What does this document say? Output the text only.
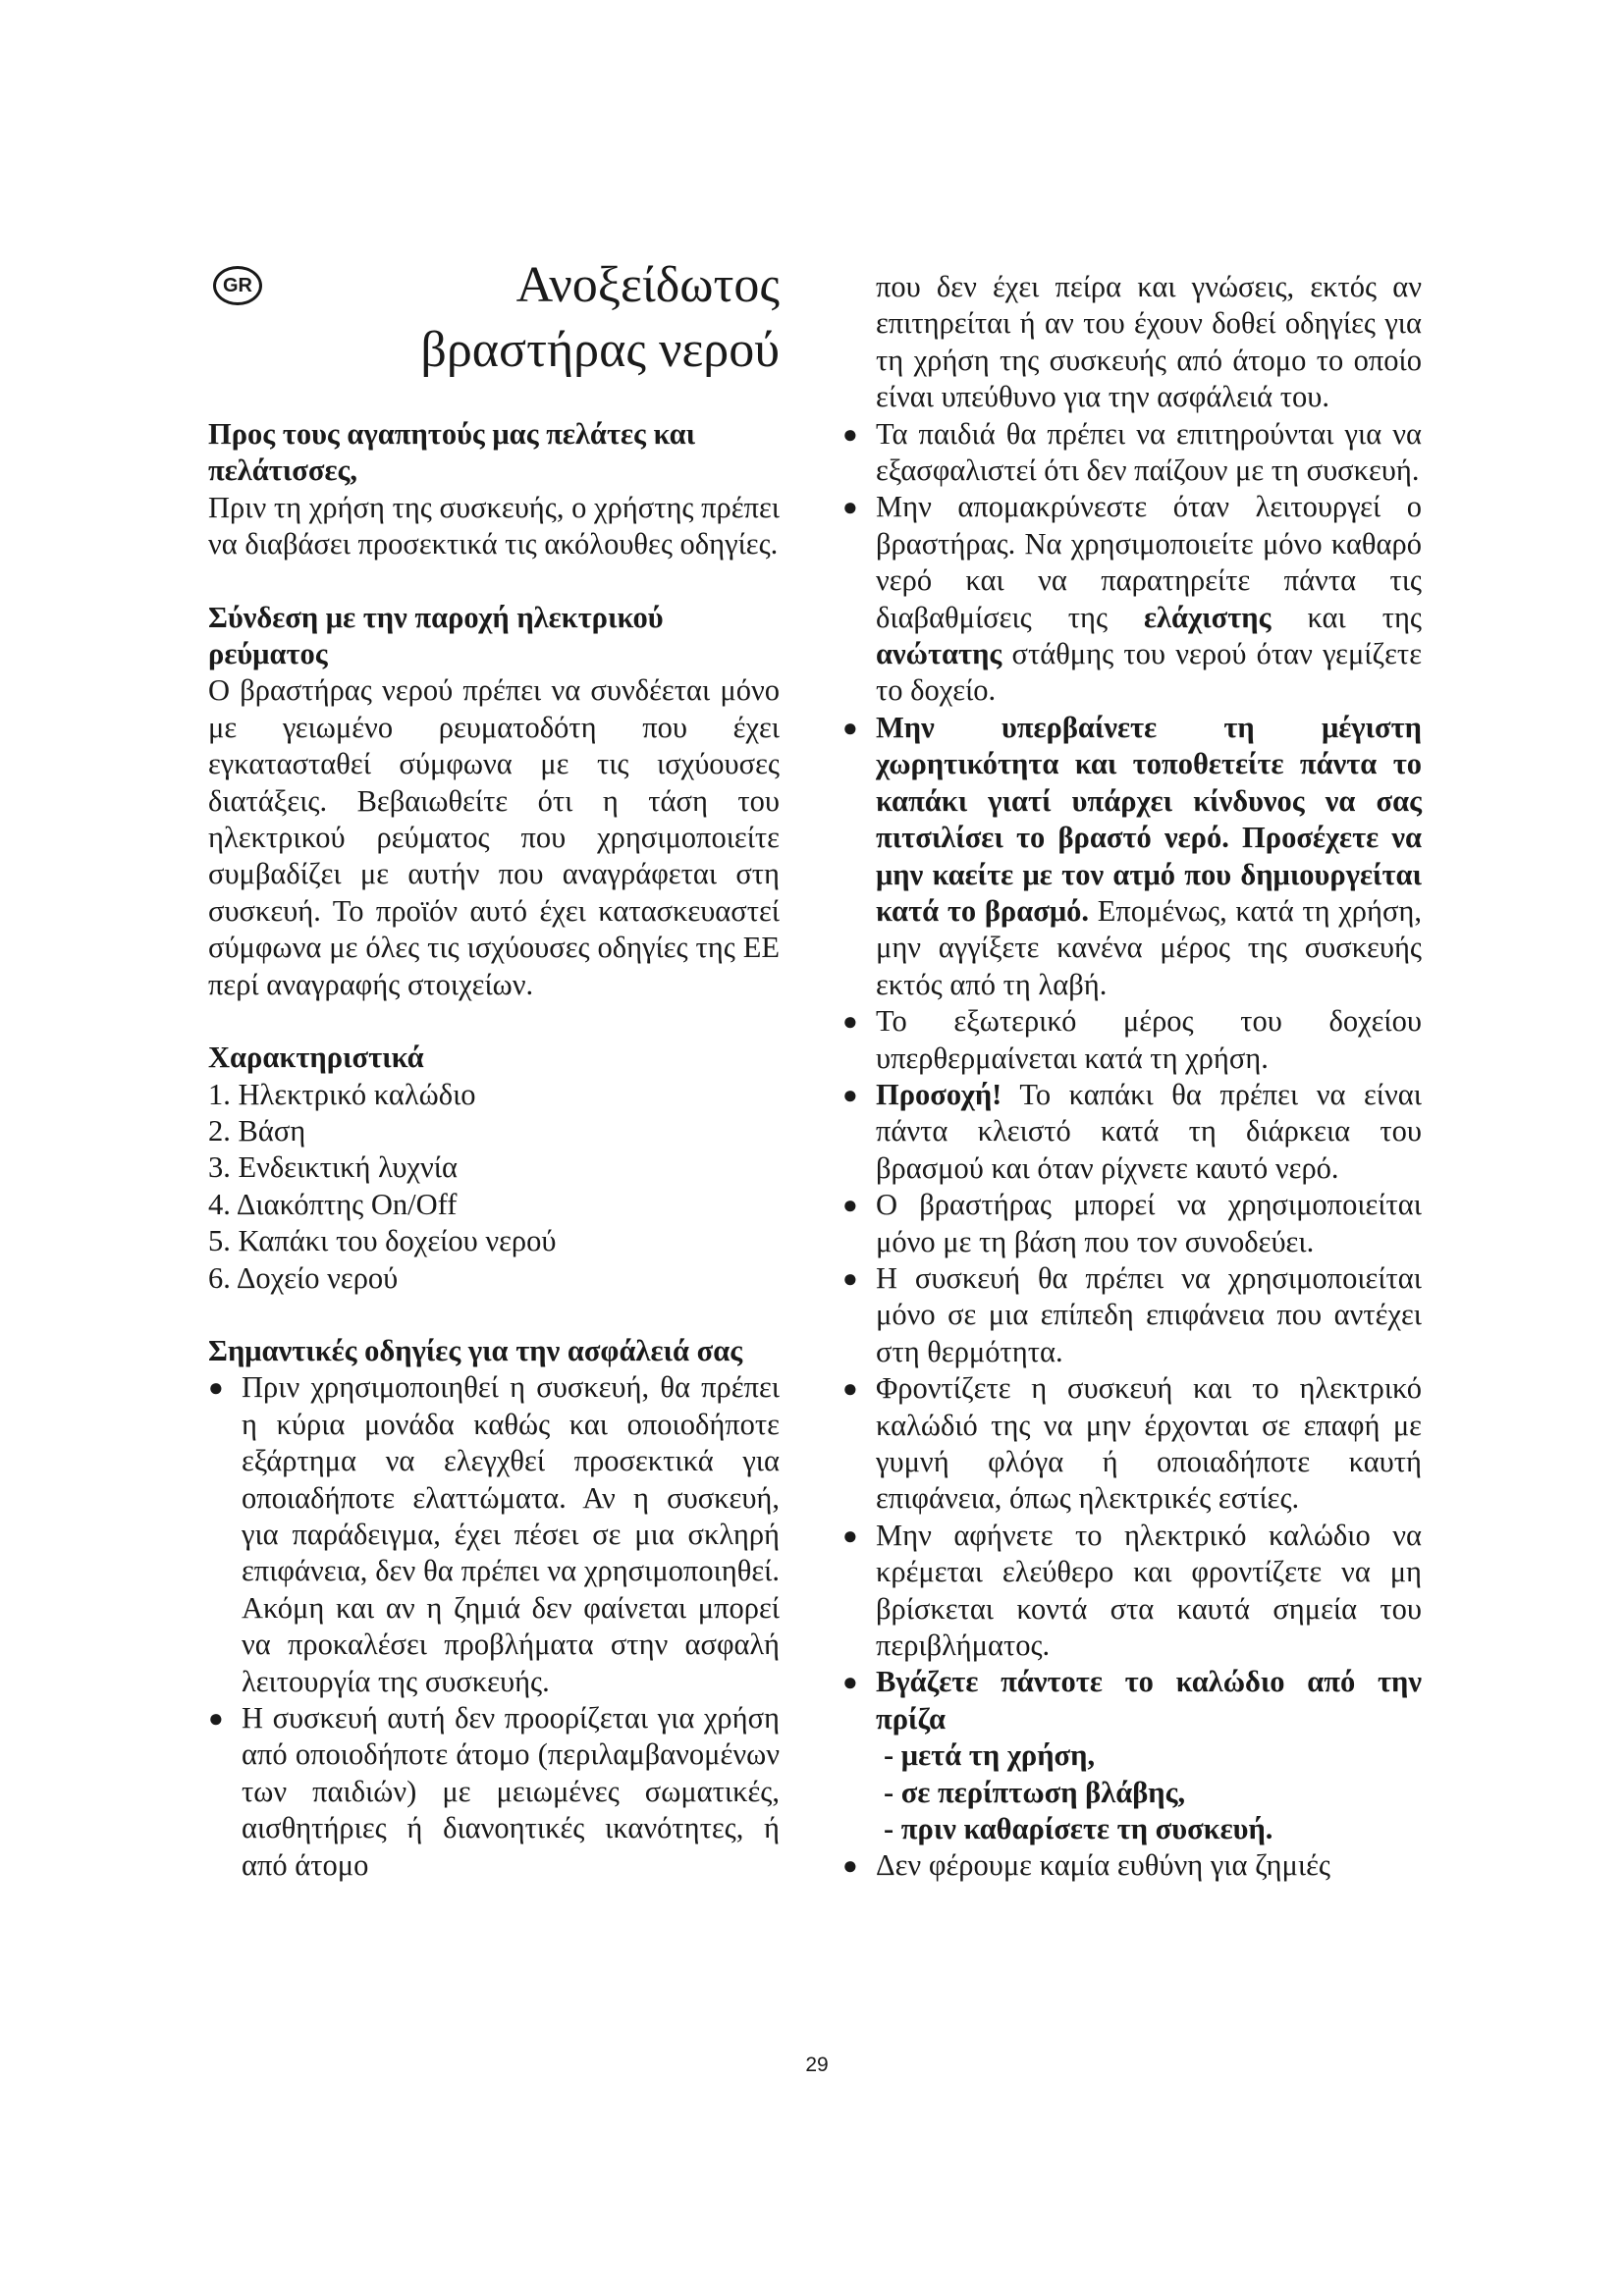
GR	Ανοξείδωτος
βραστήρας νερού

Προς τους αγαπητούς μας πελάτες και πελάτισσες,

Πριν τη χρήση της συσκευής, ο χρήστης πρέπει να διαβάσει προσεκτικά τις ακόλουθες οδηγίες.

Σύνδεση με την παροχή ηλεκτρικού ρεύματος

Ο βραστήρας νερού πρέπει να συνδέεται μόνο με γειωμένο ρευματοδότη που έχει εγκατασταθεί σύμφωνα με τις ισχύουσες διατάξεις. Βεβαιωθείτε ότι η τάση του ηλεκτρικού ρεύματος που χρησιμοποιείτε συμβαδίζει με αυτήν που αναγράφεται στη συσκευή. Το προϊόν αυτό έχει κατασκευαστεί σύμφωνα με όλες τις ισχύουσες οδηγίες της ΕΕ περί αναγραφής στοιχείων.

Χαρακτηριστικά

1. Ηλεκτρικό καλώδιο
2. Βάση
3. Ενδεικτική λυχνία
4. Διακόπτης On/Off
5. Καπάκι του δοχείου νερού
6. Δοχείο νερού

Σημαντικές οδηγίες για την ασφάλειά σας

● Πριν χρησιμοποιηθεί η συσκευή, θα πρέπει η κύρια μονάδα καθώς και οποιοδήποτε εξάρτημα να ελεγχθεί προσεκτικά για οποιαδήποτε ελαττώματα. Αν η συσκευή, για παράδειγμα, έχει πέσει σε μια σκληρή επιφάνεια, δεν θα πρέπει να χρησιμοποιηθεί. Ακόμη και αν η ζημιά δεν φαίνεται μπορεί να προκαλέσει προβλήματα στην ασφαλή λειτουργία της συσκευής.
● Η συσκευή αυτή δεν προορίζεται για χρήση από οποιοδήποτε άτομο (περιλαμβανομένων των παιδιών) με μειωμένες σωματικές, αισθητήριες ή διανοητικές ικανότητες, ή από άτομο
που δεν έχει πείρα και γνώσεις, εκτός αν επιτηρείται ή αν του έχουν δοθεί οδηγίες για τη χρήση της συσκευής από άτομο το οποίο είναι υπεύθυνο για την ασφάλειά του.
● Τα παιδιά θα πρέπει να επιτηρούνται για να εξασφαλιστεί ότι δεν παίζουν με τη συσκευή.
● Μην απομακρύνεστε όταν λειτουργεί ο βραστήρας. Να χρησιμοποιείτε μόνο καθαρό νερό και να παρατηρείτε πάντα τις διαβαθμίσεις της ελάχιστης και της ανώτατης στάθμης του νερού όταν γεμίζετε το δοχείο.
● Μην υπερβαίνετε τη μέγιστη χωρητικότητα και τοποθετείτε πάντα το καπάκι γιατί υπάρχει κίνδυνος να σας πιτσιλίσει το βραστό νερό. Προσέχετε να μην καείτε με τον ατμό που δημιουργείται κατά το βρασμό. Επομένως, κατά τη χρήση, μην αγγίξετε κανένα μέρος της συσκευής εκτός από τη λαβή.
● Το εξωτερικό μέρος του δοχείου υπερθερμαίνεται κατά τη χρήση.
● Προσοχή! Το καπάκι θα πρέπει να είναι πάντα κλειστό κατά τη διάρκεια του βρασμού και όταν ρίχνετε καυτό νερό.
● Ο βραστήρας μπορεί να χρησιμοποιείται μόνο με τη βάση που τον συνοδεύει.
● Η συσκευή θα πρέπει να χρησιμοποιείται μόνο σε μια επίπεδη επιφάνεια που αντέχει στη θερμότητα.
● Φροντίζετε η συσκευή και το ηλεκτρικό καλώδιό της να μην έρχονται σε επαφή με γυμνή φλόγα ή οποιαδήποτε καυτή επιφάνεια, όπως ηλεκτρικές εστίες.
● Μην αφήνετε το ηλεκτρικό καλώδιο να κρέμεται ελεύθερο και φροντίζετε να μη βρίσκεται κοντά στα καυτά σημεία του περιβλήματος.
● Βγάζετε πάντοτε το καλώδιο από την πρίζα

- μετά τη χρήση,

- σε περίπτωση βλάβης,

- πριν καθαρίσετε τη συσκευή.

● Δεν φέρουμε καμία ευθύνη για ζημιές
29
